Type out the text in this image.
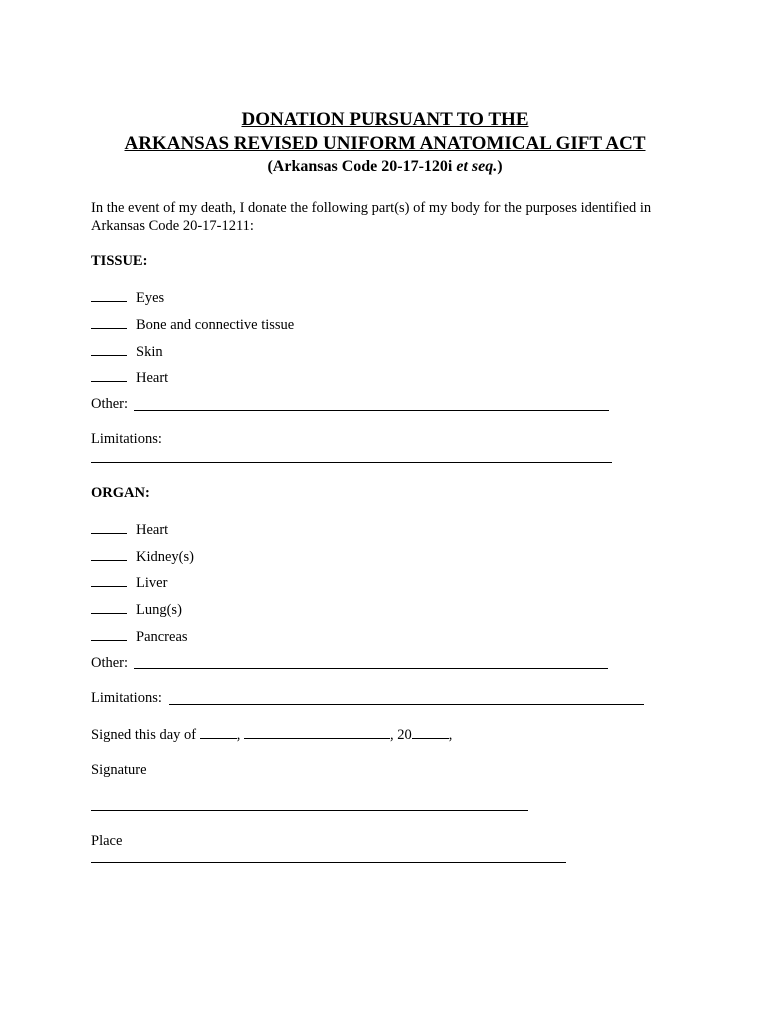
DONATION PURSUANT TO THE
ARKANSAS REVISED UNIFORM ANATOMICAL GIFT ACT
(Arkansas Code 20-17-120i et seq.)
In the event of my death, I donate the following part(s) of my body for the purposes identified in Arkansas Code 20-17-1211:
TISSUE:
Eyes
Bone and connective tissue
Skin
Heart
Other:
Limitations:
ORGAN:
Heart
Kidney(s)
Liver
Lung(s)
Pancreas
Other:
Limitations:
Signed this day of	,	, 20	,
Signature
Place
